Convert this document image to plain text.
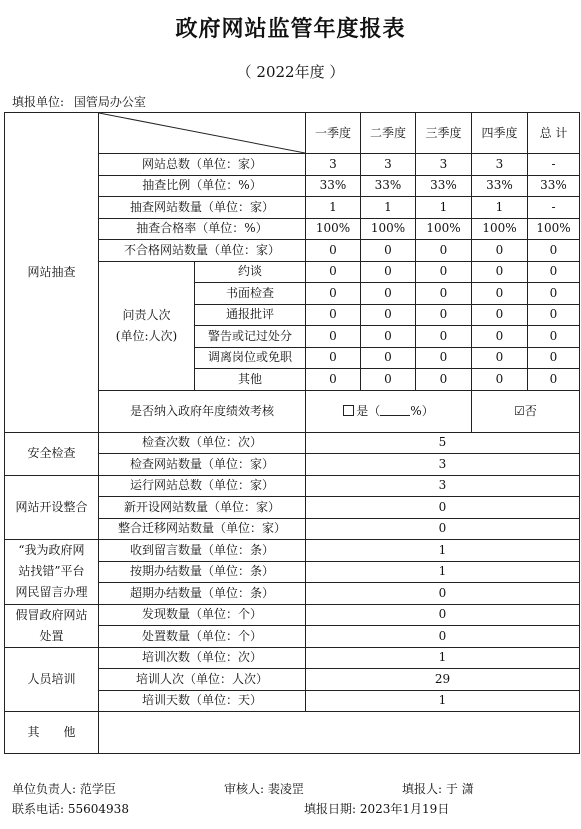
政府网站监管年度报表
（ 2022年度 ）
填报单位: 国管局办公室
网站抽查			一季度	二季度	三季度	四季度	总 计
	网站总数（单位：家）		3	3	3	3	-
	抽查比例（单位：%）		33%	33%	33%	33%	33%
	抽查网站数量（单位：家）		1	1	1	1	-
	抽查合格率（单位：%）		100%	100%	100%	100%	100%
	不合格网站数量（单位：家）		0	0	0	0	0
	问责人次
(单位:人次)	约谈	0	0	0	0	0
		书面检查	0	0	0	0	0
		通报批评	0	0	0	0	0
		警告或记过处分	0	0	0	0	0
		调离岗位或免职	0	0	0	0	0
		其他	0	0	0	0	0
	是否纳入政府年度绩效考核		是（ %）			☑否	
安全检查	检查次数（单位：次）		5				
	检查网站数量（单位：家）		3				
网站开设整合	运行网站总数（单位：家）		3				
	新开设网站数量（单位：家）		0				
	整合迁移网站数量（单位：家）		0				
“我为政府网
站找错”平台
网民留言办理	收到留言数量（单位：条）		1				
	按期办结数量（单位：条）		1				
	超期办结数量（单位：条）		0				
假冒政府网站
处置	发现数量（单位：个）		0				
	处置数量（单位：个）		0				
人员培训	培训次数（单位：次）		1				
	培训人次（单位：人次）		29				
	培训天数（单位：天）		1				
其　　他							
单位负责人: 范学臣	审核人: 裴凌罡	填报人: 于 潇
联系电话: 55604938	填报日期: 2023年1月19日
